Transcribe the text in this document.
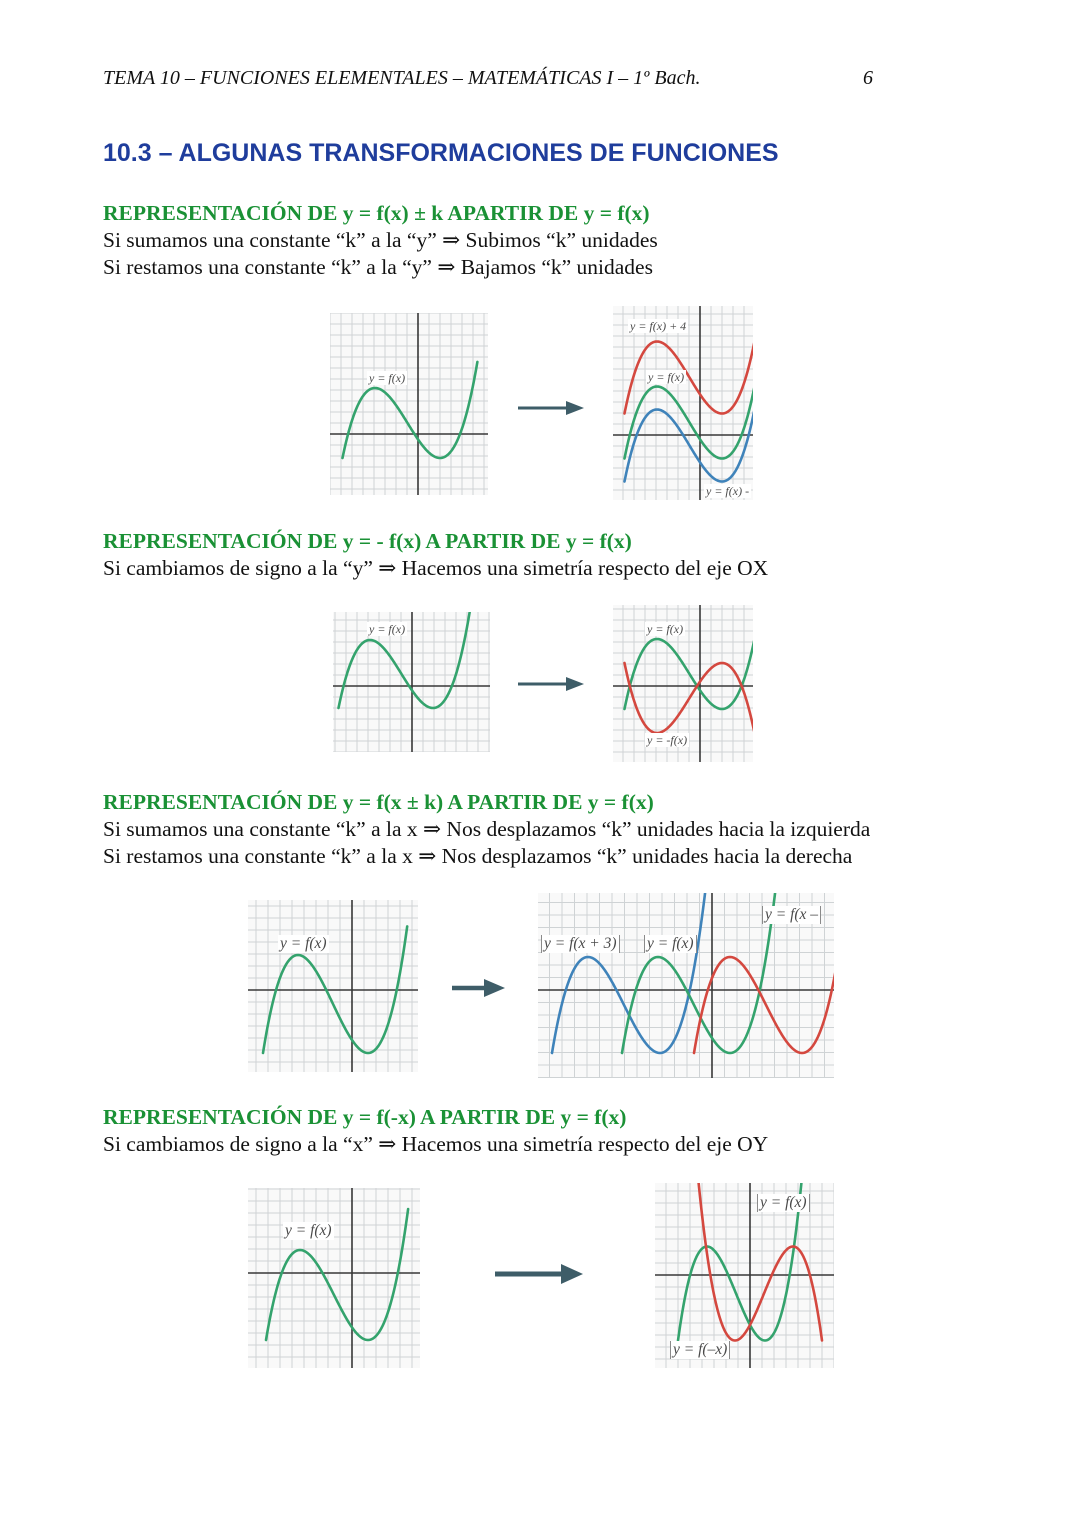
TEMA 10 – FUNCIONES ELEMENTALES – MATEMÁTICAS I – 1º Bach.	6
10.3 – ALGUNAS TRANSFORMACIONES DE FUNCIONES
REPRESENTACIÓN DE y = f(x) ± k APARTIR DE y = f(x)
Si sumamos una constante “k” a la “y” ⇒ Subimos “k” unidades
Si restamos una constante “k” a la “y” ⇒ Bajamos “k” unidades
y = f(x)
y = f(x) + 4
y = f(x)
y = f(x) -
REPRESENTACIÓN DE y = - f(x) A PARTIR DE y = f(x)
Si cambiamos de signo a la “y” ⇒ Hacemos una simetría respecto del eje OX
y = f(x)	y = f(x)
y = -f(x)
REPRESENTACIÓN DE y = f(x ± k) A PARTIR DE y = f(x)
Si sumamos una constante “k” a la x ⇒ Nos desplazamos “k” unidades hacia la izquierda
Si restamos una constante “k” a la x ⇒ Nos desplazamos “k” unidades hacia la derecha
y = f(x)	y = f(x + 3) y = f(x)
y = f(x –
REPRESENTACIÓN DE y = f(-x) A PARTIR DE y = f(x)
Si cambiamos de signo a la “x” ⇒ Hacemos una simetría respecto del eje OY
y = f(x)
y = f(x)
y = f(–x)
